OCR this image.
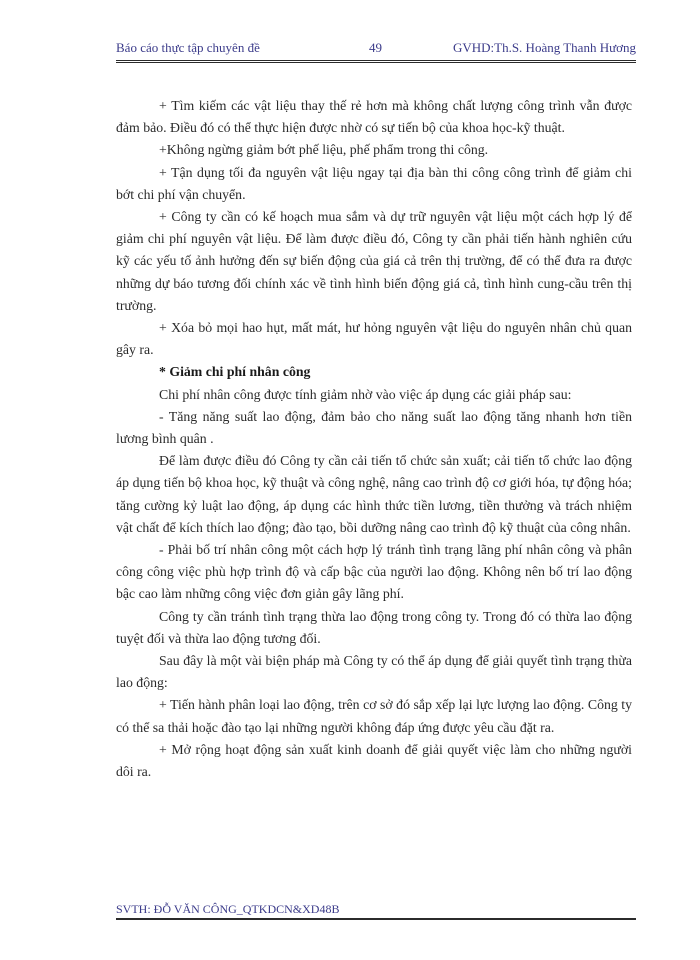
Báo cáo thực tập chuyên đề	49	GVHD:Th.S. Hoàng Thanh Hương

+ Tìm kiếm các vật liệu thay thế rẻ hơn mà không chất lượng công trình vẫn được đảm bảo. Điều đó có thể thực hiện được nhờ có sự tiến bộ của khoa học-kỹ thuật.

+Không ngừng giảm bớt phế liệu, phế phẩm trong thi công.

+ Tận dụng tối đa nguyên vật liệu ngay tại địa bàn thi công công trình để giảm chi bớt chi phí vận chuyển.

+ Công ty cần có kế hoạch mua sắm và dự trữ nguyên vật liệu một cách hợp lý để giảm chi phí nguyên vật liệu. Để làm được điều đó, Công ty cần phải tiến hành nghiên cứu kỹ các yếu tố ảnh hưởng đến sự biến động của giá cả trên thị trường, để có thể đưa ra được những dự báo tương đối chính xác về tình hình biến động giá cả, tình hình cung-cầu trên thị trường.

+ Xóa bỏ mọi hao hụt, mất mát, hư hỏng nguyên vật liệu do nguyên nhân chủ quan gây ra.

* Giảm chi phí nhân công

Chi phí nhân công được tính giảm nhờ vào việc áp dụng các giải pháp sau:

- Tăng năng suất lao động, đảm bảo cho năng suất lao động tăng nhanh hơn tiền lương bình quân .

Để làm được điều đó Công ty cần cải tiến tổ chức sản xuất; cải tiến tổ chức lao động áp dụng tiến bộ khoa học, kỹ thuật và công nghệ, nâng cao trình độ cơ giới hóa, tự động hóa; tăng cường kỷ luật lao động, áp dụng các hình thức tiền lương, tiền thưởng và trách nhiệm vật chất để kích thích lao động; đào tạo, bồi dưỡng nâng cao trình độ kỹ thuật của công nhân.

- Phải bố trí nhân công một cách hợp lý tránh tình trạng lãng phí nhân công và phân công công việc phù hợp trình độ và cấp bậc của người lao động. Không nên bố trí lao động bậc cao làm những công việc đơn giản gây lãng phí.

Công ty cần tránh tình trạng thừa lao động trong công ty. Trong đó có thừa lao động tuyệt đối và thừa lao động tương đối.

Sau đây là một vài biện pháp mà Công ty có thể áp dụng để giải quyết tình trạng thừa lao động:

+ Tiến hành phân loại lao động, trên cơ sở đó sắp xếp lại lực lượng lao động. Công ty có thể sa thải hoặc đào tạo lại những người không đáp ứng được yêu cầu đặt ra.

+ Mở rộng hoạt động sản xuất kinh doanh để giải quyết việc làm cho những người dôi ra.

SVTH: ĐỖ VĂN CÔNG_QTKDCN&XD48B
